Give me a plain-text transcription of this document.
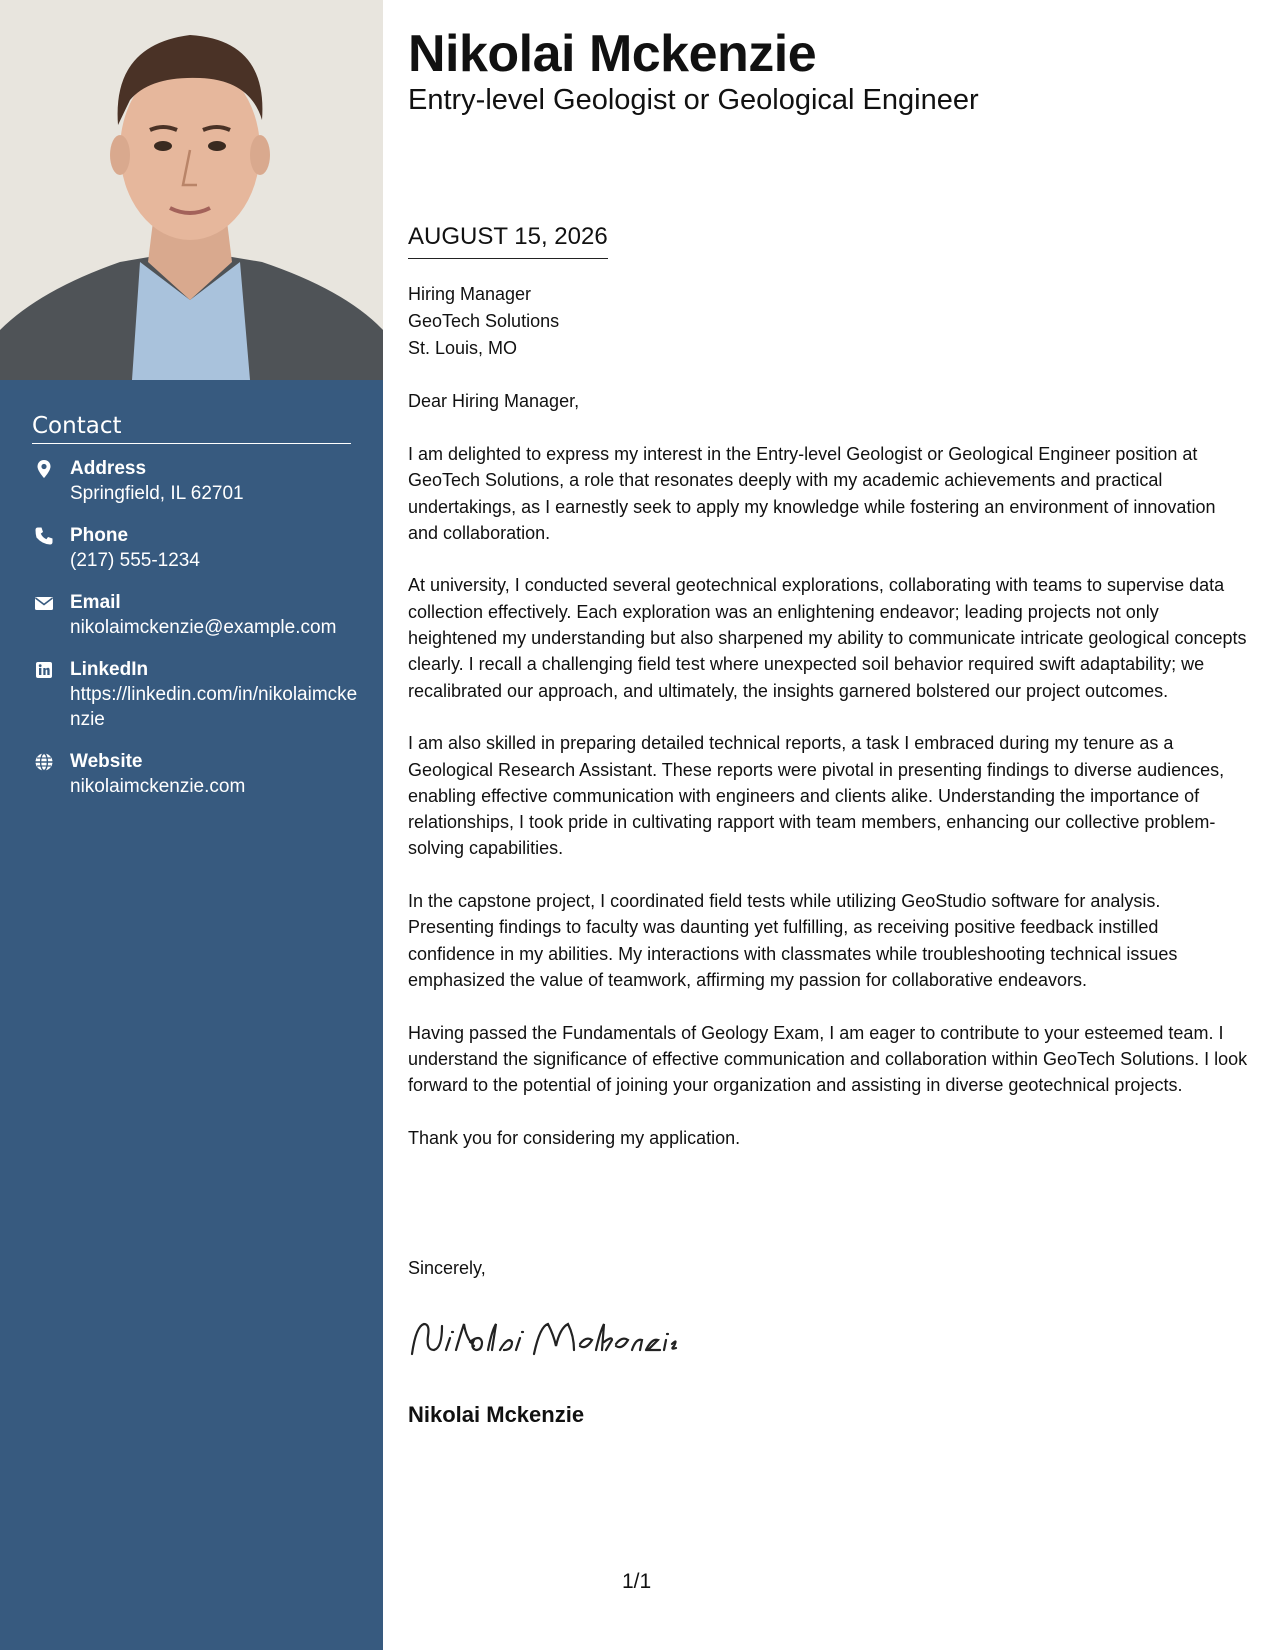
Contact
Address
Springfield, IL 62701
Phone
(217) 555-1234
Email
nikolaimckenzie@example.com
LinkedIn
https://linkedin.com/in/nikolaimckenzie
Website
nikolaimckenzie.com
Nikolai Mckenzie
Entry-level Geologist or Geological Engineer
AUGUST 15, 2026
Hiring Manager
GeoTech Solutions
St. Louis, MO
Dear Hiring Manager,

I am delighted to express my interest in the Entry-level Geologist or Geological Engineer position at GeoTech Solutions, a role that resonates deeply with my academic achievements and practical undertakings, as I earnestly seek to apply my knowledge while fostering an environment of innovation and collaboration.

At university, I conducted several geotechnical explorations, collaborating with teams to supervise data collection effectively. Each exploration was an enlightening endeavor; leading projects not only heightened my understanding but also sharpened my ability to communicate intricate geological concepts clearly. I recall a challenging field test where unexpected soil behavior required swift adaptability; we recalibrated our approach, and ultimately, the insights garnered bolstered our project outcomes.

I am also skilled in preparing detailed technical reports, a task I embraced during my tenure as a Geological Research Assistant. These reports were pivotal in presenting findings to diverse audiences, enabling effective communication with engineers and clients alike. Understanding the importance of relationships, I took pride in cultivating rapport with team members, enhancing our collective problem-solving capabilities.

In the capstone project, I coordinated field tests while utilizing GeoStudio software for analysis. Presenting findings to faculty was daunting yet fulfilling, as receiving positive feedback instilled confidence in my abilities. My interactions with classmates while troubleshooting technical issues emphasized the value of teamwork, affirming my passion for collaborative endeavors.

Having passed the Fundamentals of Geology Exam, I am eager to contribute to your esteemed team. I understand the significance of effective communication and collaboration within GeoTech Solutions. I look forward to the potential of joining your organization and assisting in diverse geotechnical projects.

Thank you for considering my application.

Sincerely,
Nikolai Mckenzie
1/1
